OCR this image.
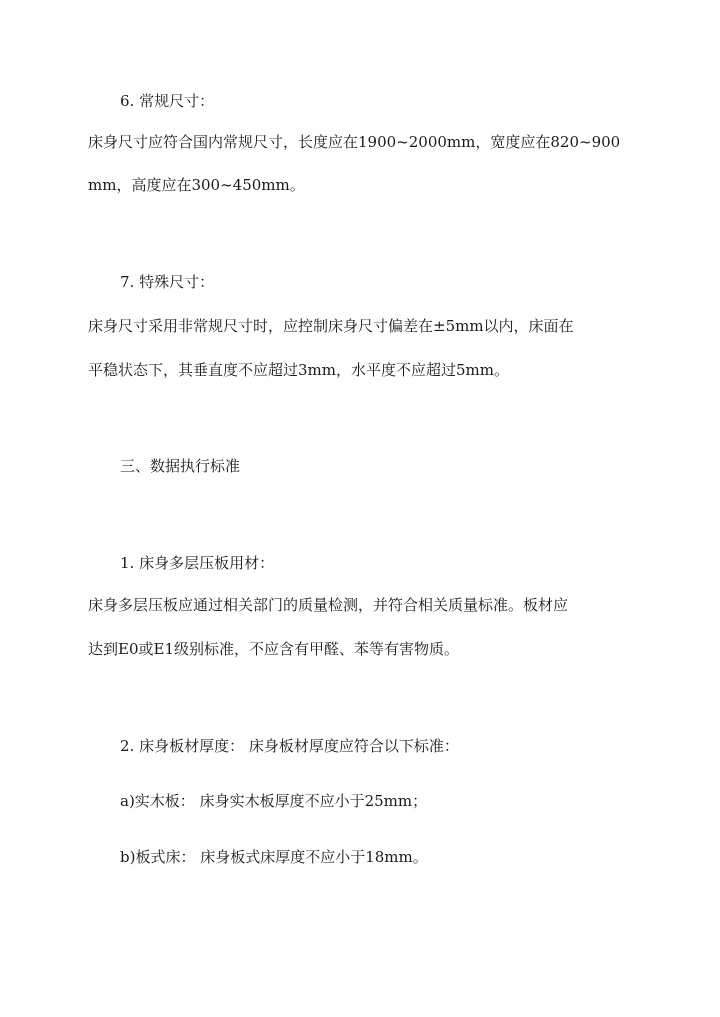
6. 常规尺寸：
床身尺寸应符合国内常规尺寸，长度应在1900~2000mm，宽度应在820~900
mm，高度应在300~450mm。
7. 特殊尺寸：
床身尺寸采用非常规尺寸时，应控制床身尺寸偏差在±5mm以内，床面在
平稳状态下，其垂直度不应超过3mm，水平度不应超过5mm。
三、数据执行标准
1. 床身多层压板用材：
床身多层压板应通过相关部门的质量检测，并符合相关质量标准。板材应
达到E0或E1级别标准，不应含有甲醛、苯等有害物质。
2. 床身板材厚度： 床身板材厚度应符合以下标准：
a)实木板： 床身实木板厚度不应小于25mm；
b)板式床： 床身板式床厚度不应小于18mm。
